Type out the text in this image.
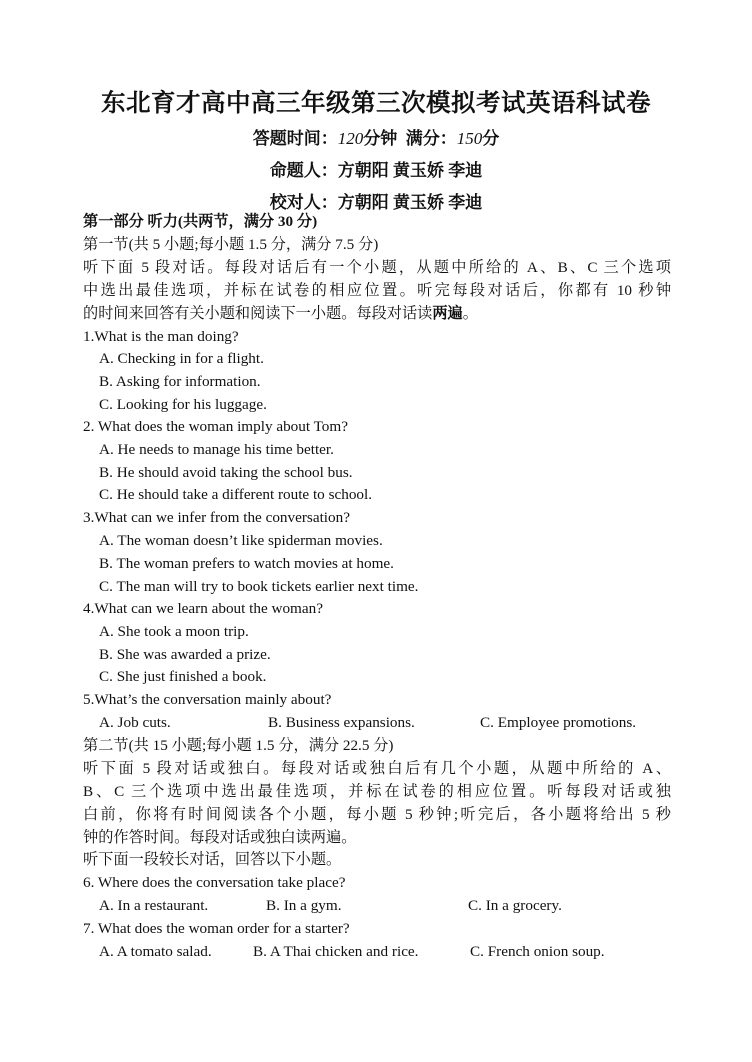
东北育才高中高三年级第三次模拟考试英语科试卷
答题时间：120分钟 满分：150分
命题人：方朝阳 黄玉娇 李迪
校对人：方朝阳 黄玉娇 李迪
第一部分 听力(共两节，满分 30 分)
第一节(共 5 小题;每小题 1.5 分，满分 7.5 分)
听下面 5 段对话。每段对话后有一个小题，从题中所给的 A、B、C 三个选项
中选出最佳选项，并标在试卷的相应位置。听完每段对话后，你都有 10 秒钟
的时间来回答有关小题和阅读下一小题。每段对话读两遍。
1.What is the man doing?
A. Checking in for a flight.
B. Asking for information.
C. Looking for his luggage.
2. What does the woman imply about Tom?
A. He needs to manage his time better.
B. He should avoid taking the school bus.
C. He should take a different route to school.
3.What can we infer from the conversation?
A. The woman doesn’t like spiderman movies.
B. The woman prefers to watch movies at home.
C. The man will try to book tickets earlier next time.
4.What can we learn about the woman?
A. She took a moon trip.
B. She was awarded a prize.
C. She just finished a book.
5.What’s the conversation mainly about?
A. Job cuts.	B. Business expansions.	C. Employee promotions.
第二节(共 15 小题;每小题 1.5 分，满分 22.5 分)
听下面 5 段对话或独白。每段对话或独白后有几个小题，从题中所给的 A、
B、C 三个选项中选出最佳选项，并标在试卷的相应位置。听每段对话或独
白前，你将有时间阅读各个小题，每小题 5 秒钟;听完后，各小题将给出 5 秒
钟的作答时间。每段对话或独白读两遍。
听下面一段较长对话，回答以下小题。
6. Where does the conversation take place?
A. In a restaurant.	B. In a gym.	C. In a grocery.
7. What does the woman order for a starter?
A. A tomato salad.	B. A Thai chicken and rice.	C. French onion soup.
